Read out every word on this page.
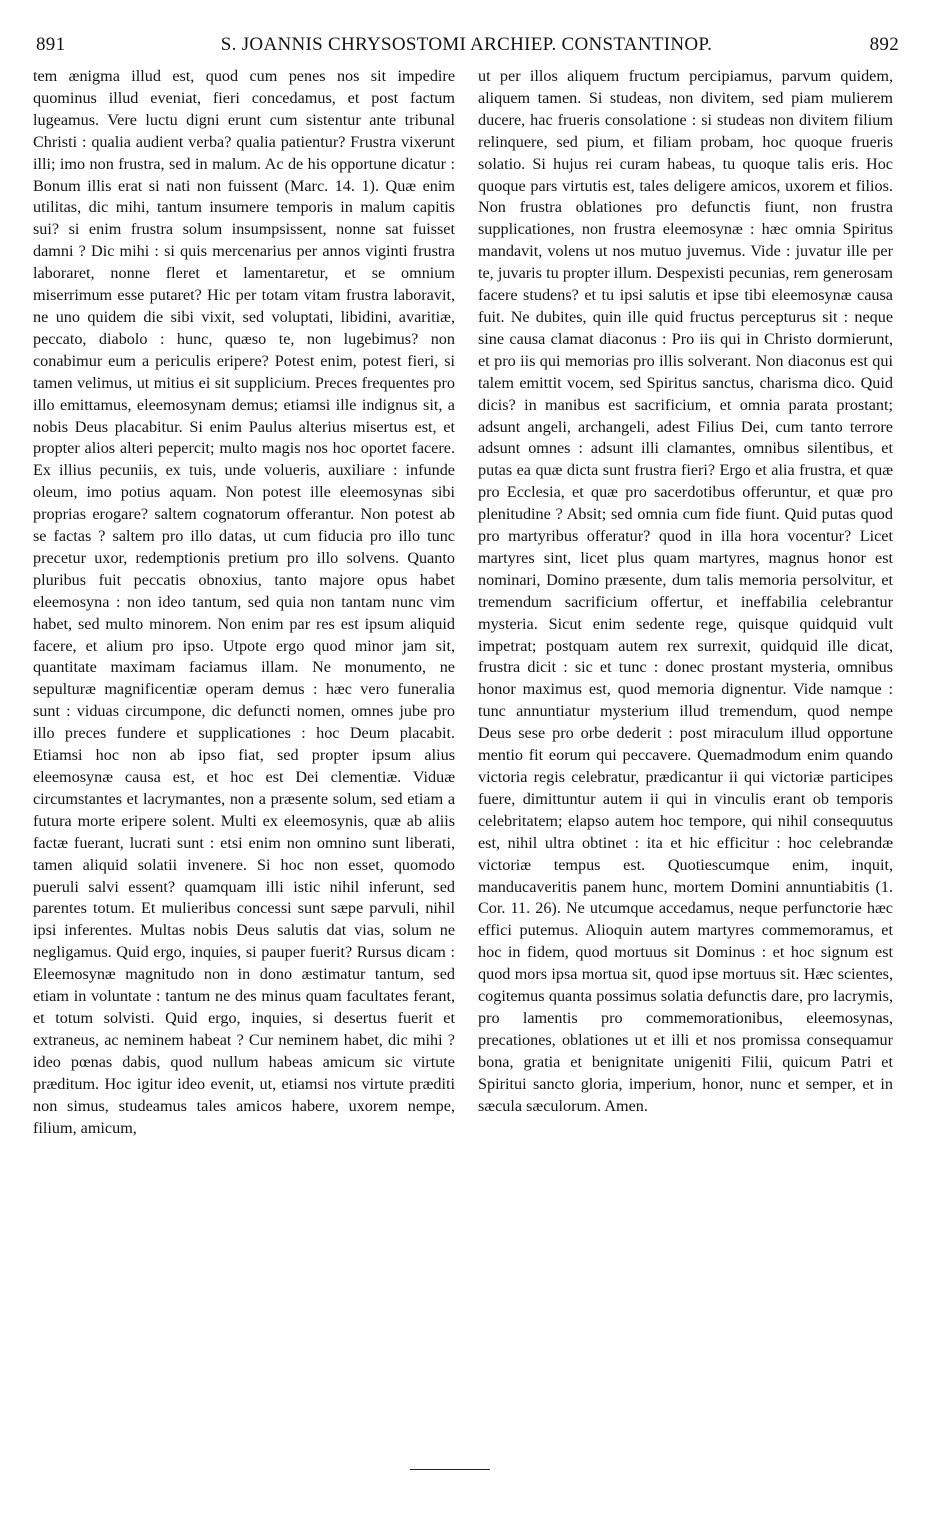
891	S. JOANNIS CHRYSOSTOMI ARCHIEP. CONSTANTINOP.	892

tem ænigma illud est, quod cum penes nos sit impedire quominus illud eveniat, fieri concedamus, et post factum lugeamus. Vere luctu digni erunt cum sistentur ante tribunal Christi : qualia audient verba? qualia patientur? Frustra vixerunt illi; imo non frustra, sed in malum. Ac de his opportune dicatur : Bonum illis erat si nati non fuissent (Marc. 14. 1). Quæ enim utilitas, dic mihi, tantum insumere temporis in malum capitis sui? si enim frustra solum insumpsissent, nonne sat fuisset damni ? Dic mihi : si quis mercenarius per annos viginti frustra laboraret, nonne fleret et lamentaretur, et se omnium miserrimum esse putaret? Hic per totam vitam frustra laboravit, ne uno quidem die sibi vixit, sed voluptati, libidini, avaritiæ, peccato, diabolo : hunc, quæso te, non lugebimus? non conabimur eum a periculis eripere? Potest enim, potest fieri, si tamen velimus, ut mitius ei sit supplicium. Preces frequentes pro illo emittamus, eleemosynam demus; etiamsi ille indignus sit, a nobis Deus placabitur. Si enim Paulus alterius misertus est, et propter alios alteri pepercit; multo magis nos hoc oportet facere. Ex illius pecuniis, ex tuis, unde volueris, auxiliare : infunde oleum, imo potius aquam. Non potest ille eleemosynas sibi proprias erogare? saltem cognatorum offerantur. Non potest ab se factas ? saltem pro illo datas, ut cum fiducia pro illo tunc precetur uxor, redemptionis pretium pro illo solvens. Quanto pluribus fuit peccatis obnoxius, tanto majore opus habet eleemosyna : non ideo tantum, sed quia non tantam nunc vim habet, sed multo minorem. Non enim par res est ipsum aliquid facere, et alium pro ipso. Utpote ergo quod minor jam sit, quantitate maximam faciamus illam. Ne monumento, ne sepulturæ magnificentiæ operam demus : hæc vero funeralia sunt : viduas circumpone, dic defuncti nomen, omnes jube pro illo preces fundere et supplicationes : hoc Deum placabit. Etiamsi hoc non ab ipso fiat, sed propter ipsum alius eleemosynæ causa est, et hoc est Dei clementiæ. Viduæ circumstantes et lacrymantes, non a præsente solum, sed etiam a futura morte eripere solent. Multi ex eleemosynis, quæ ab aliis factæ fuerant, lucrati sunt : etsi enim non omnino sunt liberati, tamen aliquid solatii invenere. Si hoc non esset, quomodo pueruli salvi essent? quamquam illi istic nihil inferunt, sed parentes totum. Et mulieribus concessi sunt sæpe parvuli, nihil ipsi inferentes. Multas nobis Deus salutis dat vias, solum ne negligamus. Quid ergo, inquies, si pauper fuerit? Rursus dicam : Eleemosynæ magnitudo non in dono æstimatur tantum, sed etiam in voluntate : tantum ne des minus quam facultates ferant, et totum solvisti. Quid ergo, inquies, si desertus fuerit et extraneus, ac neminem habeat ? Cur neminem habet, dic mihi ? ideo pœnas dabis, quod nullum habeas amicum sic virtute præditum. Hoc igitur ideo evenit, ut, etiamsi nos virtute præditi non simus, studeamus tales amicos habere, uxorem nempe, filium, amicum,

ut per illos aliquem fructum percipiamus, parvum quidem, aliquem tamen. Si studeas, non divitem, sed piam mulierem ducere, hac frueris consolatione : si studeas non divitem filium relinquere, sed pium, et filiam probam, hoc quoque frueris solatio. Si hujus rei curam habeas, tu quoque talis eris. Hoc quoque pars virtutis est, tales deligere amicos, uxorem et filios. Non frustra oblationes pro defunctis fiunt, non frustra supplicationes, non frustra eleemosynæ : hæc omnia Spiritus mandavit, volens ut nos mutuo juvemus. Vide : juvatur ille per te, juvaris tu propter illum. Despexisti pecunias, rem generosam facere studens? et tu ipsi salutis et ipse tibi eleemosynæ causa fuit. Ne dubites, quin ille quid fructus percepturus sit : neque sine causa clamat diaconus : Pro iis qui in Christo dormierunt, et pro iis qui memorias pro illis solverant. Non diaconus est qui talem emittit vocem, sed Spiritus sanctus, charisma dico. Quid dicis? in manibus est sacrificium, et omnia parata prostant; adsunt angeli, archangeli, adest Filius Dei, cum tanto terrore adsunt omnes : adsunt illi clamantes, omnibus silentibus, et putas ea quæ dicta sunt frustra fieri? Ergo et alia frustra, et quæ pro Ecclesia, et quæ pro sacerdotibus offeruntur, et quæ pro plenitudine ? Absit; sed omnia cum fide fiunt. Quid putas quod pro martyribus offeratur? quod in illa hora vocentur? Licet martyres sint, licet plus quam martyres, magnus honor est nominari, Domino præsente, dum talis memoria persolvitur, et tremendum sacrificium offertur, et ineffabilia celebrantur mysteria. Sicut enim sedente rege, quisque quidquid vult impetrat; postquam autem rex surrexit, quidquid ille dicat, frustra dicit : sic et tunc : donec prostant mysteria, omnibus honor maximus est, quod memoria dignentur. Vide namque : tunc annuntiatur mysterium illud tremendum, quod nempe Deus sese pro orbe dederit : post miraculum illud opportune mentio fit eorum qui peccavere. Quemadmodum enim quando victoria regis celebratur, prædicantur ii qui victoriæ participes fuere, dimittuntur autem ii qui in vinculis erant ob temporis celebritatem; elapso autem hoc tempore, qui nihil consequutus est, nihil ultra obtinet : ita et hic efficitur : hoc celebrandæ victoriæ tempus est. Quotiescumque enim, inquit, manducaveritis panem hunc, mortem Domini annuntiabitis (1. Cor. 11. 26). Ne utcumque accedamus, neque perfunctorie hæc effici putemus. Alioquin autem martyres commemoramus, et hoc in fidem, quod mortuus sit Dominus : et hoc signum est quod mors ipsa mortua sit, quod ipse mortuus sit. Hæc scientes, cogitemus quanta possimus solatia defunctis dare, pro lacrymis, pro lamentis pro commemorationibus, eleemosynas, precationes, oblationes ut et illi et nos promissa consequamur bona, gratia et benignitate unigeniti Filii, quicum Patri et Spiritui sancto gloria, imperium, honor, nunc et semper, et in sæcula sæculorum. Amen.
